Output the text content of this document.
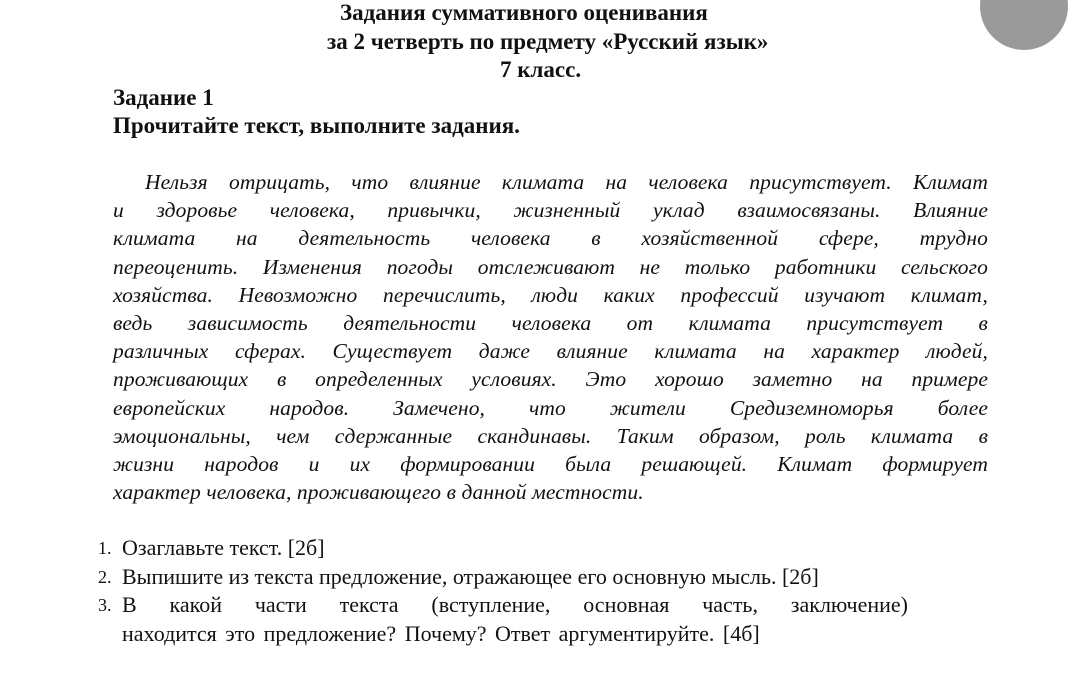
Задания суммативного оценивания
за 2 четверть по предмету «Русский язык»
7 класс.
Задание 1
Прочитайте текст, выполните задания.
Нельзя отрицать, что влияние климата на человека присутствует. Климат
и здоровье человека, привычки, жизненный уклад взаимосвязаны. Влияние
климата на деятельность человека в хозяйственной сфере, трудно
переоценить. Изменения погоды отслеживают не только работники сельского
хозяйства. Невозможно перечислить, люди каких профессий изучают климат,
ведь зависимость деятельности человека от климата присутствует в
различных сферах. Существует даже влияние климата на характер людей,
проживающих в определенных условиях. Это хорошо заметно на примере
европейских народов. Замечено, что жители Средиземноморья более
эмоциональны, чем сдержанные скандинавы. Таким образом, роль климата в
жизни народов и их формировании была решающей. Климат формирует
характер человека, проживающего в данной местности.
1. Озаглавьте текст. [2б]
2. Выпишите из текста предложение, отражающее его основную мысль. [2б]
3. В какой части текста (вступление, основная часть, заключение)
находится это предложение? Почему? Ответ аргументируйте. [4б]
